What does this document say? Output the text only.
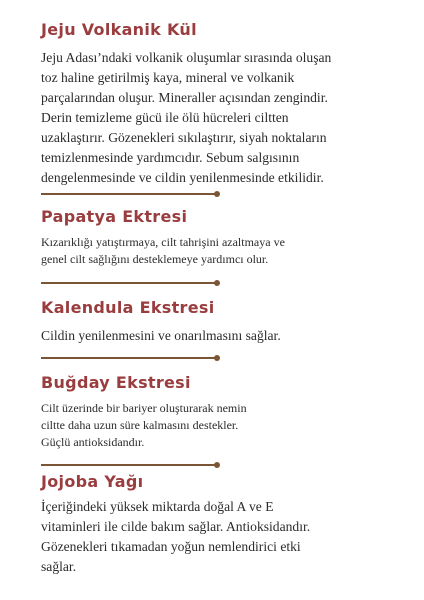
Jeju Volkanik Kül

Jeju Adası’ndaki volkanik oluşumlar sırasında oluşan
toz haline getirilmiş kaya, mineral ve volkanik
parçalarından oluşur. Mineraller açısından zengindir.
Derin temizleme gücü ile ölü hücreleri ciltten
uzaklaştırır. Gözenekleri sıkılaştırır, siyah noktaların
temizlenmesinde yardımcıdır. Sebum salgısının
dengelenmesinde ve cildin yenilenmesinde etkilidir.

Papatya Ektresi

Kızarıklığı yatıştırmaya, cilt tahrişini azaltmaya ve
genel cilt sağlığını desteklemeye yardımcı olur.

Kalendula Ekstresi

Cildin yenilenmesini ve onarılmasını sağlar.

Buğday Ekstresi

Cilt üzerinde bir bariyer oluşturarak nemin
ciltte daha uzun süre kalmasını destekler.
Güçlü antioksidandır.

Jojoba Yağı

İçeriğindeki yüksek miktarda doğal A ve E
vitaminleri ile cilde bakım sağlar. Antioksidandır.
Gözenekleri tıkamadan yoğun nemlendirici etki
sağlar.
